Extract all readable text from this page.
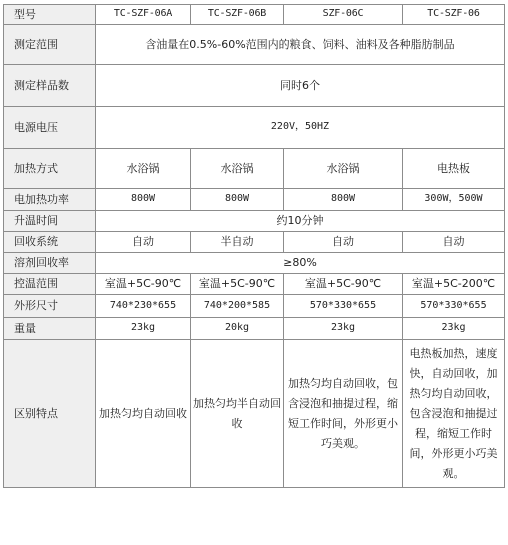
型号	TC-SZF-06A	TC-SZF-06B	SZF-06C	TC-SZF-06
测定范围	含油量在0.5%-60%范围内的粮食、饲料、油料及各种脂肪制品			
测定样品数	同时6个			
电源电压	220V，50HZ			
加热方式	水浴锅	水浴锅	水浴锅	电热板
电加热功率	800W	800W	800W	300W，500W
升温时间	约10分钟			
回收系统	自动	半自动	自动	自动
溶剂回收率	≥80%			
控温范围	室温+5C-90℃	室温+5C-90℃	室温+5C-90℃	室温+5C-200℃
外形尺寸	740*230*655	740*200*585	570*330*655	570*330*655
重量	23kg	20kg	23kg	23kg
区别特点	加热匀均自动回收	加热匀均半自动回收	加热匀均自动回收，包含浸泡和抽提过程，缩短工作时间，外形更小巧美观。	电热板加热，速度快，自动回收，加热匀均自动回收，包含浸泡和抽提过程，缩短工作时间，外形更小巧美观。
